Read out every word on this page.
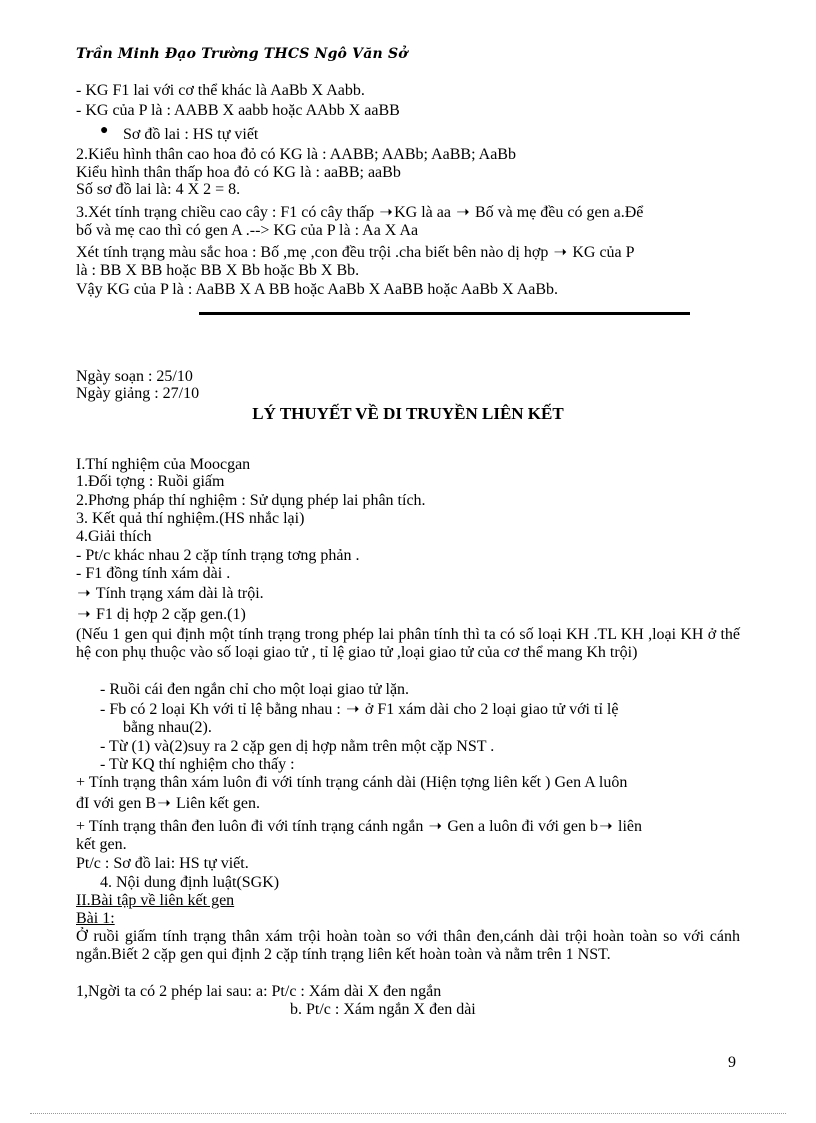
Trần Minh Đạo Trường THCS Ngô Văn Sở
- KG F1 lai với cơ thể khác là AaBb X Aabb.
- KG của P là : AABB X aabb hoặc AAbb X aaBB
● Sơ đồ lai : HS tự viết
2.Kiểu hình thân cao hoa đỏ có KG là : AABB; AABb; AaBB; AaBb
Kiểu hình thân thấp hoa đỏ có KG là : aaBB; aaBb
Số sơ đồ lai là: 4 X 2 = 8.
3.Xét tính trạng chiều cao cây : F1 có cây thấp ➝KG là aa ➝ Bố và mẹ đều có gen a.Để
bố và mẹ cao thì có gen A .--> KG của P là : Aa X Aa
Xét tính trạng màu sắc hoa : Bố ,mẹ ,con đều trội .cha biết bên nào dị hợp ➝ KG của P
là : BB X BB hoặc BB X Bb hoặc Bb X Bb.
Vậy KG của P là : AaBB X A BB hoặc AaBb X AaBB hoặc AaBb X AaBb.
Ngày soạn : 25/10
Ngày giảng : 27/10
LÝ THUYẾT VỀ DI TRUYỀN LIÊN KẾT
I.Thí nghiệm của Moocgan
1.Đối tợng : Ruồi giấm
2.Phơng pháp thí nghiệm : Sử dụng phép lai phân tích.
3. Kết quả thí nghiệm.(HS nhắc lại)
4.Giải thích
- Pt/c khác nhau 2 cặp tính trạng tơng phản .
- F1 đồng tính xám dài .
➝ Tính trạng xám dài là trội.
➝ F1 dị hợp 2 cặp gen.(1)
(Nếu 1 gen qui định một tính trạng trong phép lai phân tính thì ta có số loại KH .TL KH ,loại KH ở thế hệ con phụ thuộc vào số loại giao tử , tỉ lệ giao tử ,loại giao tử của cơ thể mang Kh trội)
- Ruồi cái đen ngắn chỉ cho một loại giao tử lặn.
- Fb có 2 loại Kh với tỉ lệ bằng nhau : ➝ ở F1 xám dài cho 2 loại giao tử với tỉ lệ
bằng nhau(2).
- Từ (1) và(2)suy ra 2 cặp gen dị hợp nằm trên một cặp NST .
- Từ KQ thí nghiệm cho thấy :
+ Tính trạng thân xám luôn đi với tính trạng cánh dài (Hiện tợng liên kết ) Gen A luôn
đI với gen B➝ Liên kết gen.
+ Tính trạng thân đen luôn đi với tính trạng cánh ngắn ➝ Gen a luôn đi với gen b➝ liên
kết gen.
Pt/c : Sơ đồ lai: HS tự viết.
4. Nội dung định luật(SGK)
II.Bài tập về liên kết gen
Bài 1:
Ở ruồi giấm tính trạng thân xám trội hoàn toàn so với thân đen,cánh dài trội hoàn toàn so với cánh ngắn.Biết 2 cặp gen qui định 2 cặp tính trạng liên kết hoàn toàn và nằm trên 1 NST.
1,Ngời ta có 2 phép lai sau: a: Pt/c : Xám dài X đen ngắn
b. Pt/c : Xám ngắn X đen dài
9
